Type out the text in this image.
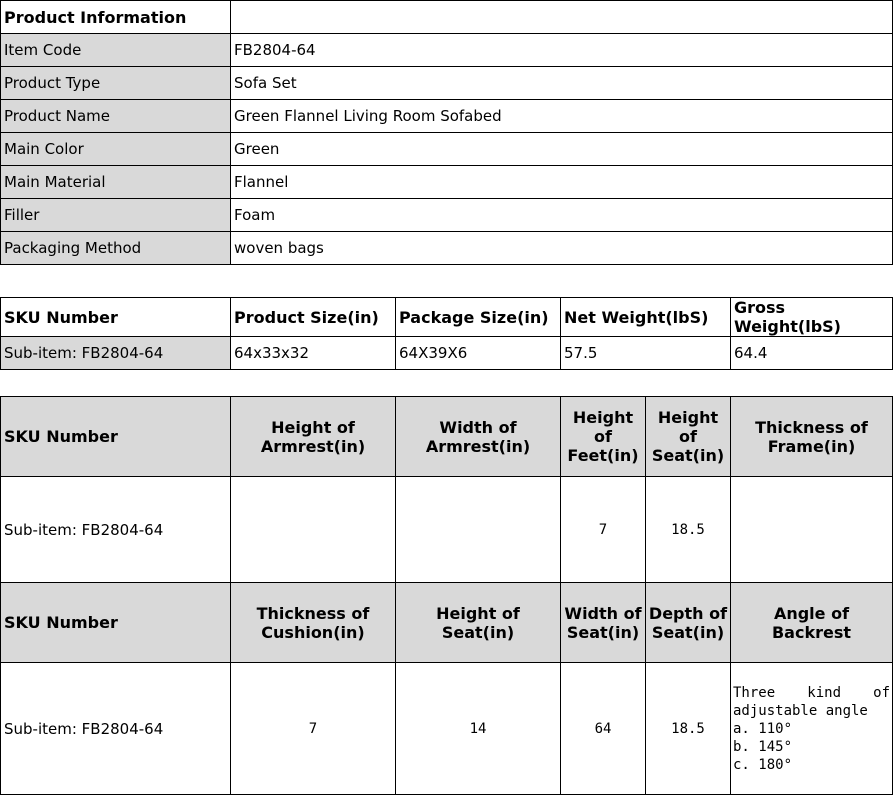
Product Information	
Item Code	FB2804-64
Product Type	Sofa Set
Product Name	Green Flannel Living Room Sofabed
Main Color	Green
Main Material	Flannel
Filler	Foam
Packaging Method	woven bags
SKU Number	Product Size(in)	Package Size(in)	Net Weight(lbS)	Gross Weight(lbS)
Sub-item: FB2804-64	64x33x32	64X39X6	57.5	64.4
SKU Number	Height of Armrest(in)	Width of Armrest(in)	Height of Feet(in)	Height of Seat(in)	Thickness of Frame(in)
Sub-item: FB2804-64			7	18.5	
SKU Number	Thickness of Cushion(in)	Height of Seat(in)	Width of Seat(in)	Depth of Seat(in)	Angle of Backrest
Sub-item: FB2804-64	7	14	64	18.5	Three kind of
adjustable angle
a. 110°
b. 145°
c. 180°
